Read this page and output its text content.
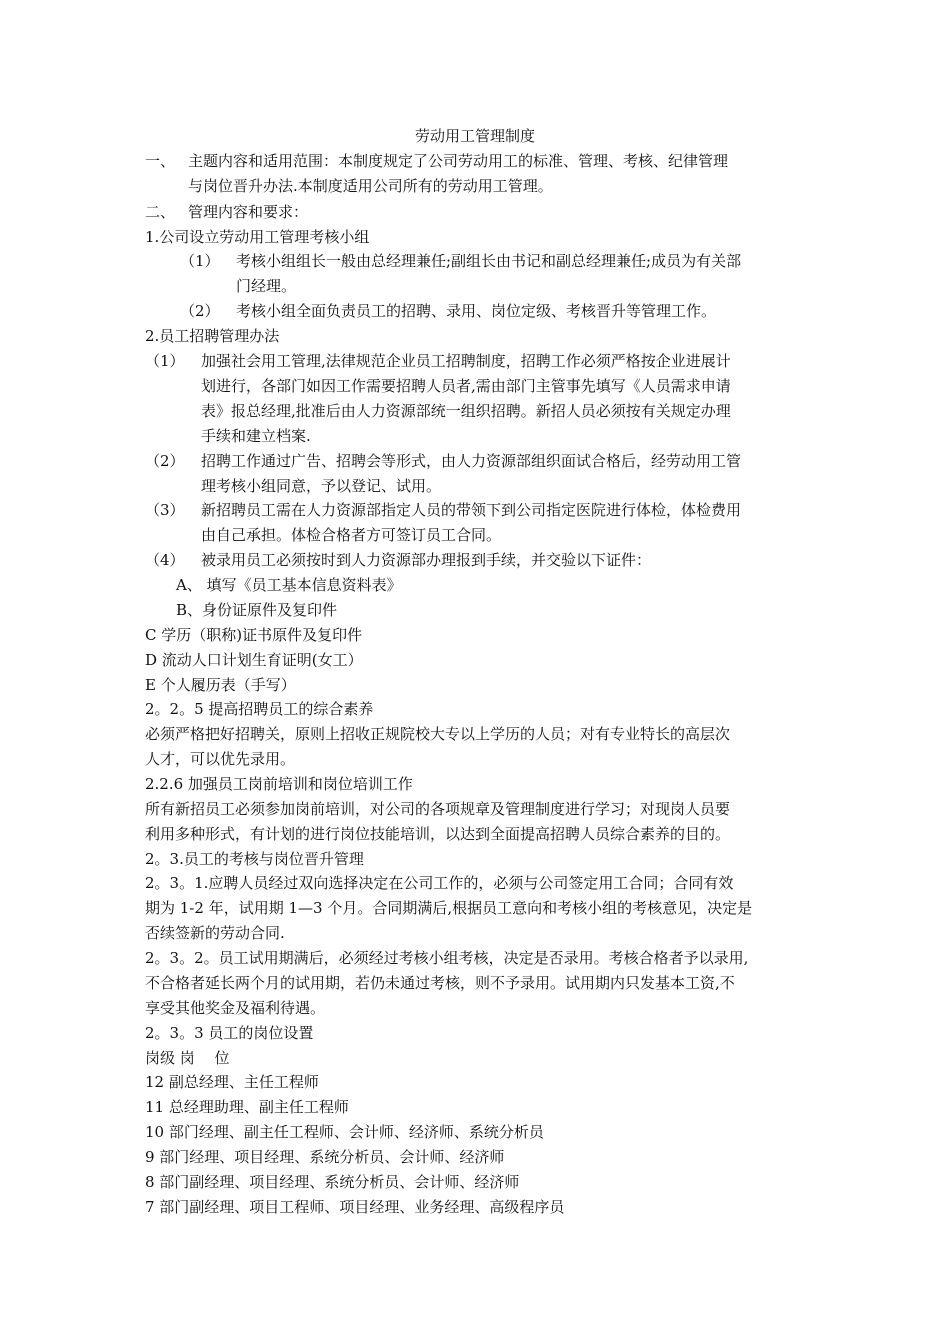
劳动用工管理制度
一、 主题内容和适用范围：本制度规定了公司劳动用工的标准、管理、考核、纪律管理
与岗位晋升办法.本制度适用公司所有的劳动用工管理。
二、 管理内容和要求：
1.公司设立劳动用工管理考核小组
（1） 考核小组组长一般由总经理兼任;副组长由书记和副总经理兼任;成员为有关部
门经理。
（2） 考核小组全面负责员工的招聘、录用、岗位定级、考核晋升等管理工作。
2.员工招聘管理办法
（1） 加强社会用工管理,法律规范企业员工招聘制度，招聘工作必须严格按企业进展计
划进行，各部门如因工作需要招聘人员者,需由部门主管事先填写《人员需求申请
表》报总经理,批准后由人力资源部统一组织招聘。新招人员必须按有关规定办理
手续和建立档案.
（2） 招聘工作通过广告、招聘会等形式，由人力资源部组织面试合格后，经劳动用工管
理考核小组同意，予以登记、试用。
（3） 新招聘员工需在人力资源部指定人员的带领下到公司指定医院进行体检，体检费用
由自己承担。体检合格者方可签订员工合同。
（4） 被录用员工必须按时到人力资源部办理报到手续，并交验以下证件：
A、 填写《员工基本信息资料表》
B、身份证原件及复印件
C 学历（职称)证书原件及复印件
D 流动人口计划生育证明(女工）
E 个人履历表（手写）
2。2。5 提高招聘员工的综合素养
必须严格把好招聘关，原则上招收正规院校大专以上学历的人员；对有专业特长的高层次
人才，可以优先录用。
2.2.6 加强员工岗前培训和岗位培训工作
所有新招员工必须参加岗前培训，对公司的各项规章及管理制度进行学习；对现岗人员要
利用多种形式，有计划的进行岗位技能培训，以达到全面提高招聘人员综合素养的目的。
2。3.员工的考核与岗位晋升管理
2。3。1.应聘人员经过双向选择决定在公司工作的，必须与公司签定用工合同；合同有效
期为 1-2 年，试用期 1—3 个月。合同期满后,根据员工意向和考核小组的考核意见，决定是
否续签新的劳动合同.
2。3。2。员工试用期满后，必须经过考核小组考核，决定是否录用。考核合格者予以录用,
不合格者延长两个月的试用期，若仍未通过考核，则不予录用。试用期内只发基本工资,不
享受其他奖金及福利待遇。
2。3。3 员工的岗位设置
岗级 岗　 位
12 副总经理、主任工程师
11 总经理助理、副主任工程师
10 部门经理、副主任工程师、会计师、经济师、系统分析员
9 部门经理、项目经理、系统分析员、会计师、经济师
8 部门副经理、项目经理、系统分析员、会计师、经济师
7 部门副经理、项目工程师、项目经理、业务经理、高级程序员
